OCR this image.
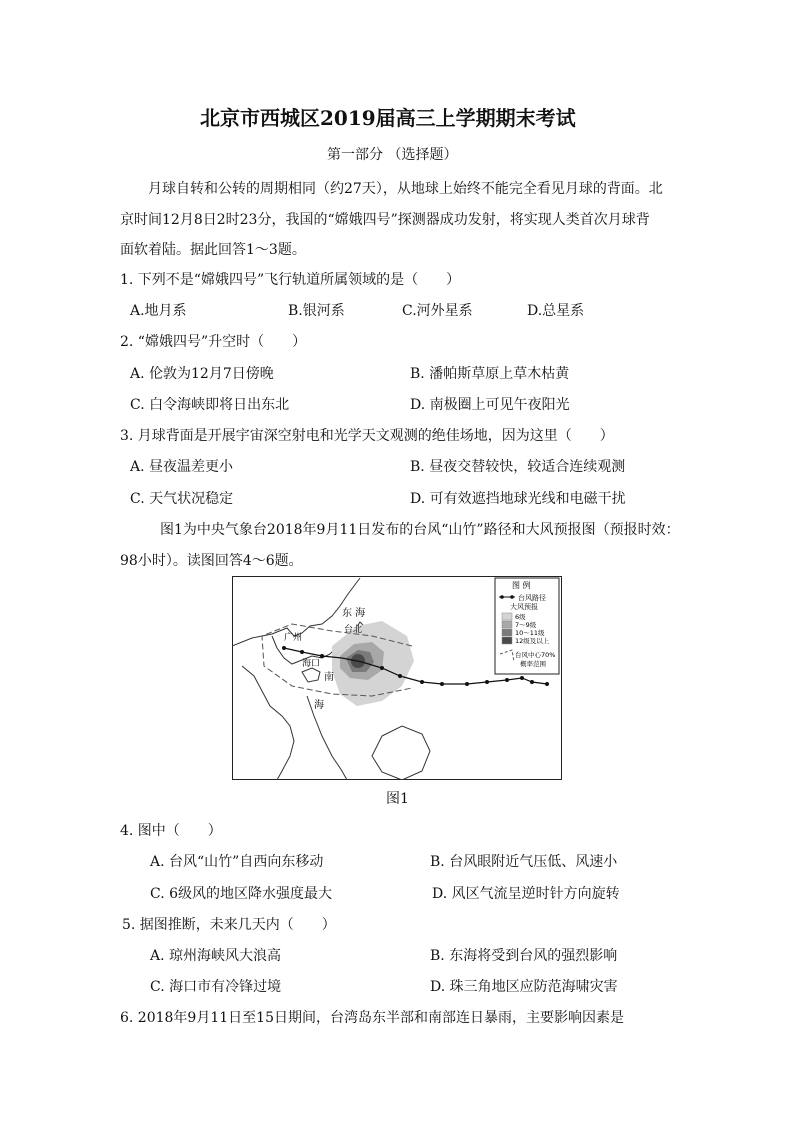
北京市西城区2019届高三上学期期末考试
第一部分 （选择题）
月球自转和公转的周期相同（约27天），从地球上始终不能完全看见月球的背面。北
京时间12月8日2时23分，我国的“嫦娥四号”探测器成功发射，将实现人类首次月球背
面软着陆。据此回答1～3题。
1. 下列不是“嫦娥四号”飞行轨道所属领域的是（　　）
A.地月系	B.银河系	C.河外星系	D.总星系
2. “嫦娥四号”升空时（　　）
A. 伦敦为12月7日傍晚	B. 潘帕斯草原上草木枯黄
C. 白令海峡即将日出东北	D. 南极圈上可见午夜阳光
3. 月球背面是开展宇宙深空射电和光学天文观测的绝佳场地，因为这里（　　）
A. 昼夜温差更小	B. 昼夜交替较快，较适合连续观测
C. 天气状况稳定	D. 可有效遮挡地球光线和电磁干扰
图1为中央气象台2018年9月11日发布的台风“山竹”路径和大风预报图（预报时效：
98小时）。读图回答4～6题。
东 海
台北
广州
海口
南
海
图 例
台风路径
大风预报
6级
7～9级
10～11级
12级及以上
台风中心70%
概率范围
图1
4. 图中（　　）
A. 台风“山竹”自西向东移动	B. 台风眼附近气压低、风速小
C. 6级风的地区降水强度最大	D. 风区气流呈逆时针方向旋转
5. 据图推断，未来几天内（　　）
A. 琼州海峡风大浪高	B. 东海将受到台风的强烈影响
C. 海口市有冷锋过境	D. 珠三角地区应防范海啸灾害
6. 2018年9月11日至15日期间，台湾岛东半部和南部连日暴雨，主要影响因素是
